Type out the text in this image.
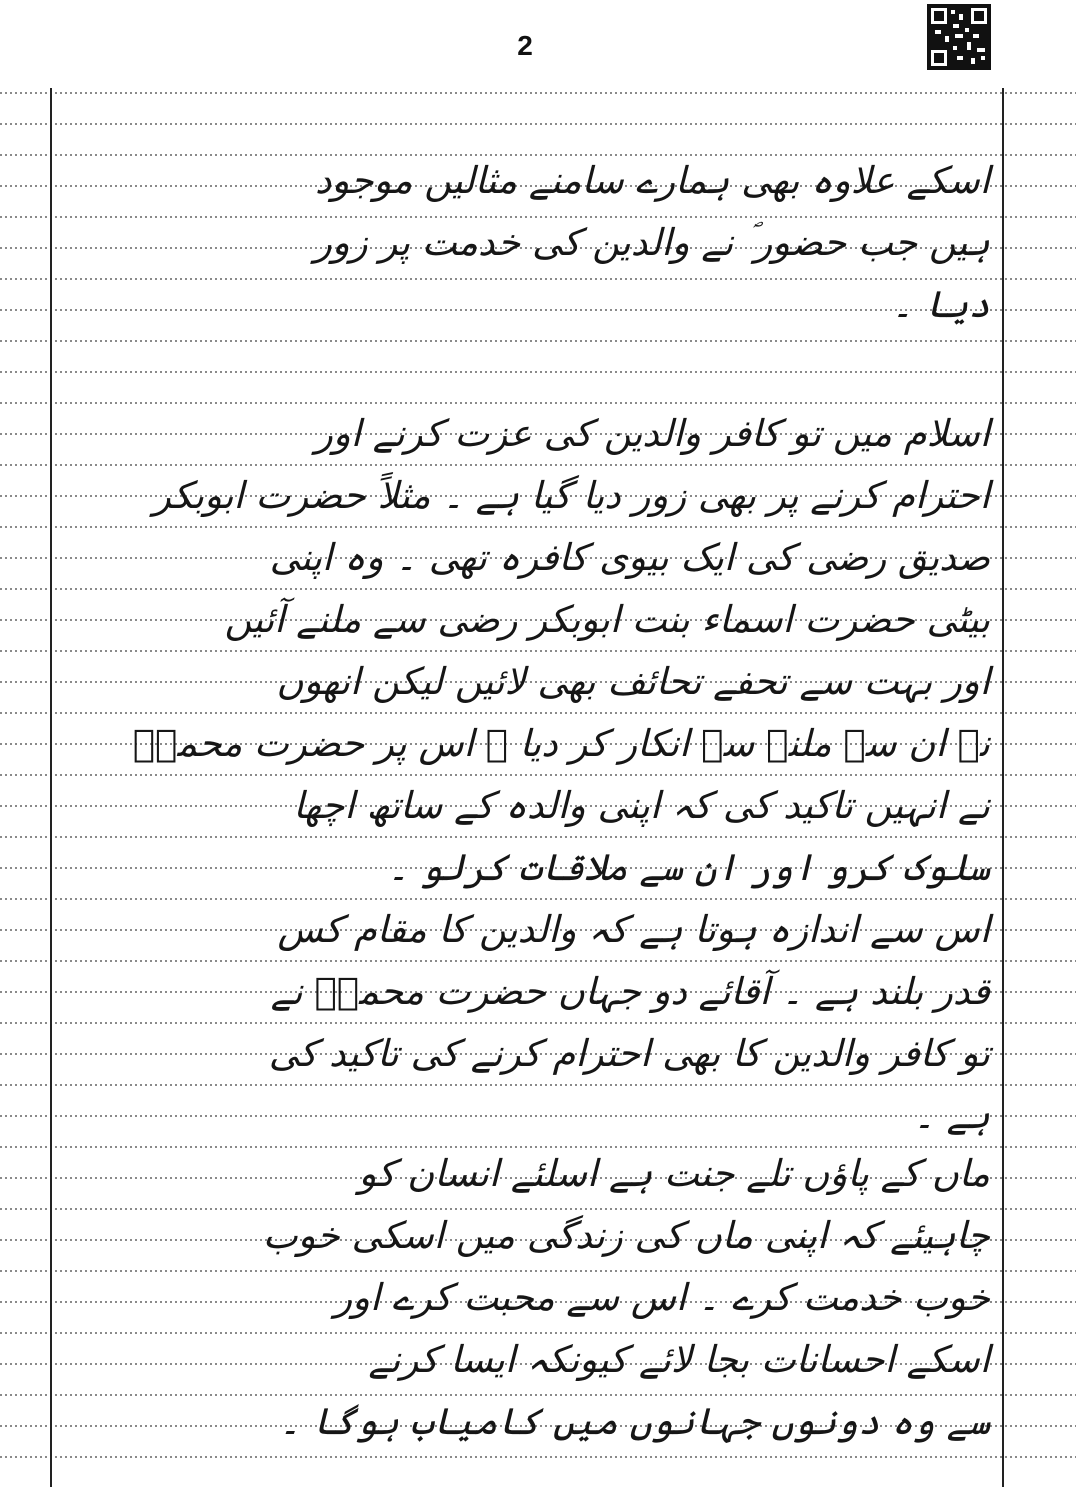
2
اسکے علاوہ بھی ہمارے سامنے مثالیں موجود
ہیں جب حضور ؐ نے والدین کی خدمت پر زور
دیا ۔
اسلام میں تو کافر والدین کی عزت کرنے اور
احترام کرنے پر بھی زور دیا گیا ہے ۔ مثلاً حضرت ابوبکر
صدیق رضی کی ایک بیوی کافرہ تھی ۔ وہ اپنی
بیٹی حضرت اسماء بنت ابوبکر رضی سے ملنے آئیں
اور بہت سے تحفے تحائف بھی لائیں لیکن انھوں
نے ان سے ملنے سے انکار کر دیا ۔ اس پر حضرت محمدؐ
نے انہیں تاکید کی کہ اپنی والدہ کے ساتھ اچھا
سلوک کرو اور ان سے ملاقات کرلو ۔
اس سے اندازہ ہوتا ہے کہ والدین کا مقام کس
قدر بلند ہے ۔ آقائے دو جہاں حضرت محمدؐ نے
تو کافر والدین کا بھی احترام کرنے کی تاکید کی
ہے ۔
ماں کے پاؤں تلے جنت ہے اسلئے انسان کو
چاہیئے کہ اپنی ماں کی زندگی میں اسکی خوب
خوب خدمت کرے ۔ اس سے محبت کرے اور
اسکے احسانات بجا لائے کیونکہ ایسا کرنے
سے وہ دونوں جہانوں میں کامیاب ہوگا ۔
